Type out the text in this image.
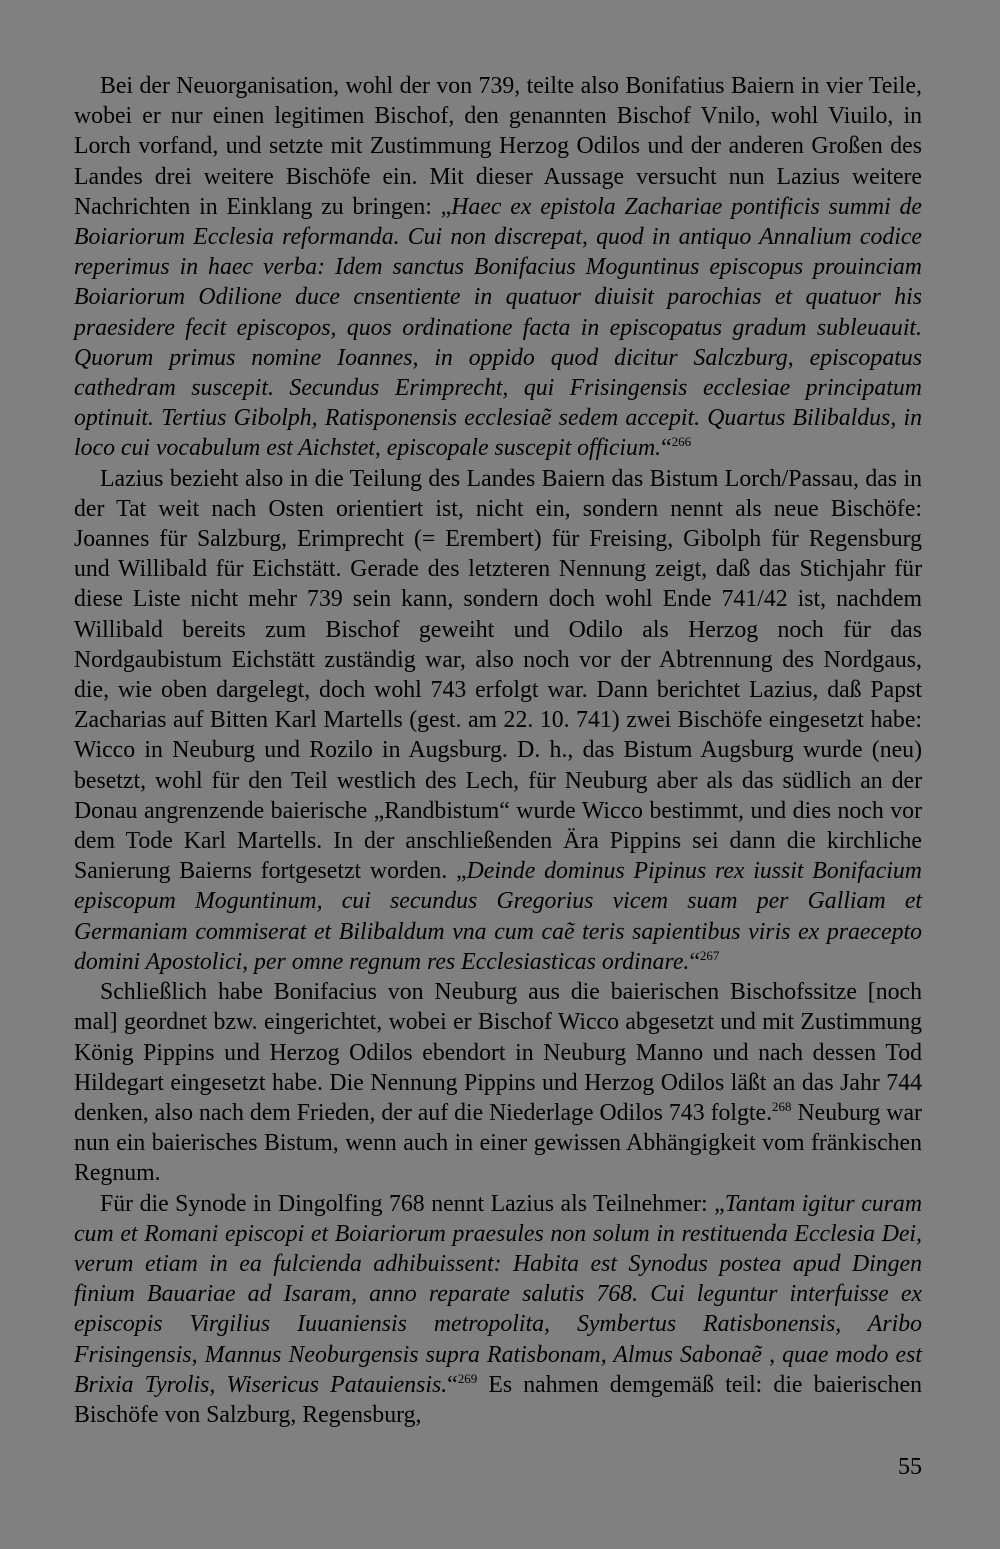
Bei der Neuorganisation, wohl der von 739, teilte also Bonifatius Baiern in vier Teile, wobei er nur einen legitimen Bischof, den genannten Bischof Vnilo, wohl Viuilo, in Lorch vorfand, und setzte mit Zustimmung Herzog Odilos und der anderen Großen des Landes drei weitere Bischöfe ein. Mit dieser Aussage versucht nun Lazius weitere Nachrichten in Einklang zu bringen: „Haec ex epistola Zachariae pontificis summi de Boiariorum Ecclesia reformanda. Cui non discrepat, quod in antiquo Annalium codice reperimus in haec verba: Idem sanctus Bonifacius Moguntinus episcopus prouinciam Boiariorum Odilione duce cnsentiente in quatuor diuisit parochias et quatuor his praesidere fecit episcopos, quos ordinatione facta in episcopatus gradum subleuauit. Quorum primus nomine Ioannes, in oppido quod dicitur Salczburg, episcopatus cathedram suscepit. Secundus Erimprecht, qui Frisingensis ecclesiae principatum optinuit. Tertius Gibolph, Ratisponensis ecclesiaẽ sedem accepit. Quartus Bilibaldus, in loco cui vocabulum est Aichstet, episcopale suscepit officium.“$^{266}$

Lazius bezieht also in die Teilung des Landes Baiern das Bistum Lorch/Passau, das in der Tat weit nach Osten orientiert ist, nicht ein, sondern nennt als neue Bischöfe: Joannes für Salzburg, Erimprecht (= Erembert) für Freising, Gibolph für Regensburg und Willibald für Eichstätt. Gerade des letzteren Nennung zeigt, daß das Stichjahr für diese Liste nicht mehr 739 sein kann, sondern doch wohl Ende 741/42 ist, nachdem Willibald bereits zum Bischof geweiht und Odilo als Herzog noch für das Nordgaubistum Eichstätt zuständig war, also noch vor der Abtrennung des Nordgaus, die, wie oben dargelegt, doch wohl 743 erfolgt war. Dann berichtet Lazius, daß Papst Zacharias auf Bitten Karl Martells (gest. am 22. 10. 741) zwei Bischöfe eingesetzt habe: Wicco in Neuburg und Rozilo in Augsburg. D. h., das Bistum Augsburg wurde (neu) besetzt, wohl für den Teil westlich des Lech, für Neuburg aber als das südlich an der Donau angrenzende baierische „Randbistum“ wurde Wicco bestimmt, und dies noch vor dem Tode Karl Martells. In der anschließenden Ära Pippins sei dann die kirchliche Sanierung Baierns fortgesetzt worden. „Deinde dominus Pipinus rex iussit Bonifacium episcopum Moguntinum, cui secundus Gregorius vicem suam per Galliam et Germaniam commiserat et Bilibaldum vna cum caẽ teris sapientibus viris ex praecepto domini Apostolici, per omne regnum res Ecclesiasticas ordinare.“$^{267}$

Schließlich habe Bonifacius von Neuburg aus die baierischen Bischofssitze [noch mal] geordnet bzw. eingerichtet, wobei er Bischof Wicco abgesetzt und mit Zustimmung König Pippins und Herzog Odilos ebendort in Neuburg Manno und nach dessen Tod Hildegart eingesetzt habe. Die Nennung Pippins und Herzog Odilos läßt an das Jahr 744 denken, also nach dem Frieden, der auf die Niederlage Odilos 743 folgte.$^{268}$ Neuburg war nun ein baierisches Bistum, wenn auch in einer gewissen Abhängigkeit vom fränkischen Regnum.

Für die Synode in Dingolfing 768 nennt Lazius als Teilnehmer: „Tantam igitur curam cum et Romani episcopi et Boiariorum praesules non solum in restituenda Ecclesia Dei, verum etiam in ea fulcienda adhibuissent: Habita est Synodus postea apud Dingen finium Bauariae ad Isaram, anno reparate salutis 768. Cui leguntur interfuisse ex episcopis Virgilius Iuuaniensis metropolita, Symbertus Ratisbonensis, Aribo Frisingensis, Mannus Neoburgensis supra Ratisbonam, Almus Sabonaẽ , quae modo est Brixia Tyrolis, Wisericus Patauiensis.“$^{269}$ Es nahmen demgemäß teil: die baierischen Bischöfe von Salzburg, Regensburg,

55
